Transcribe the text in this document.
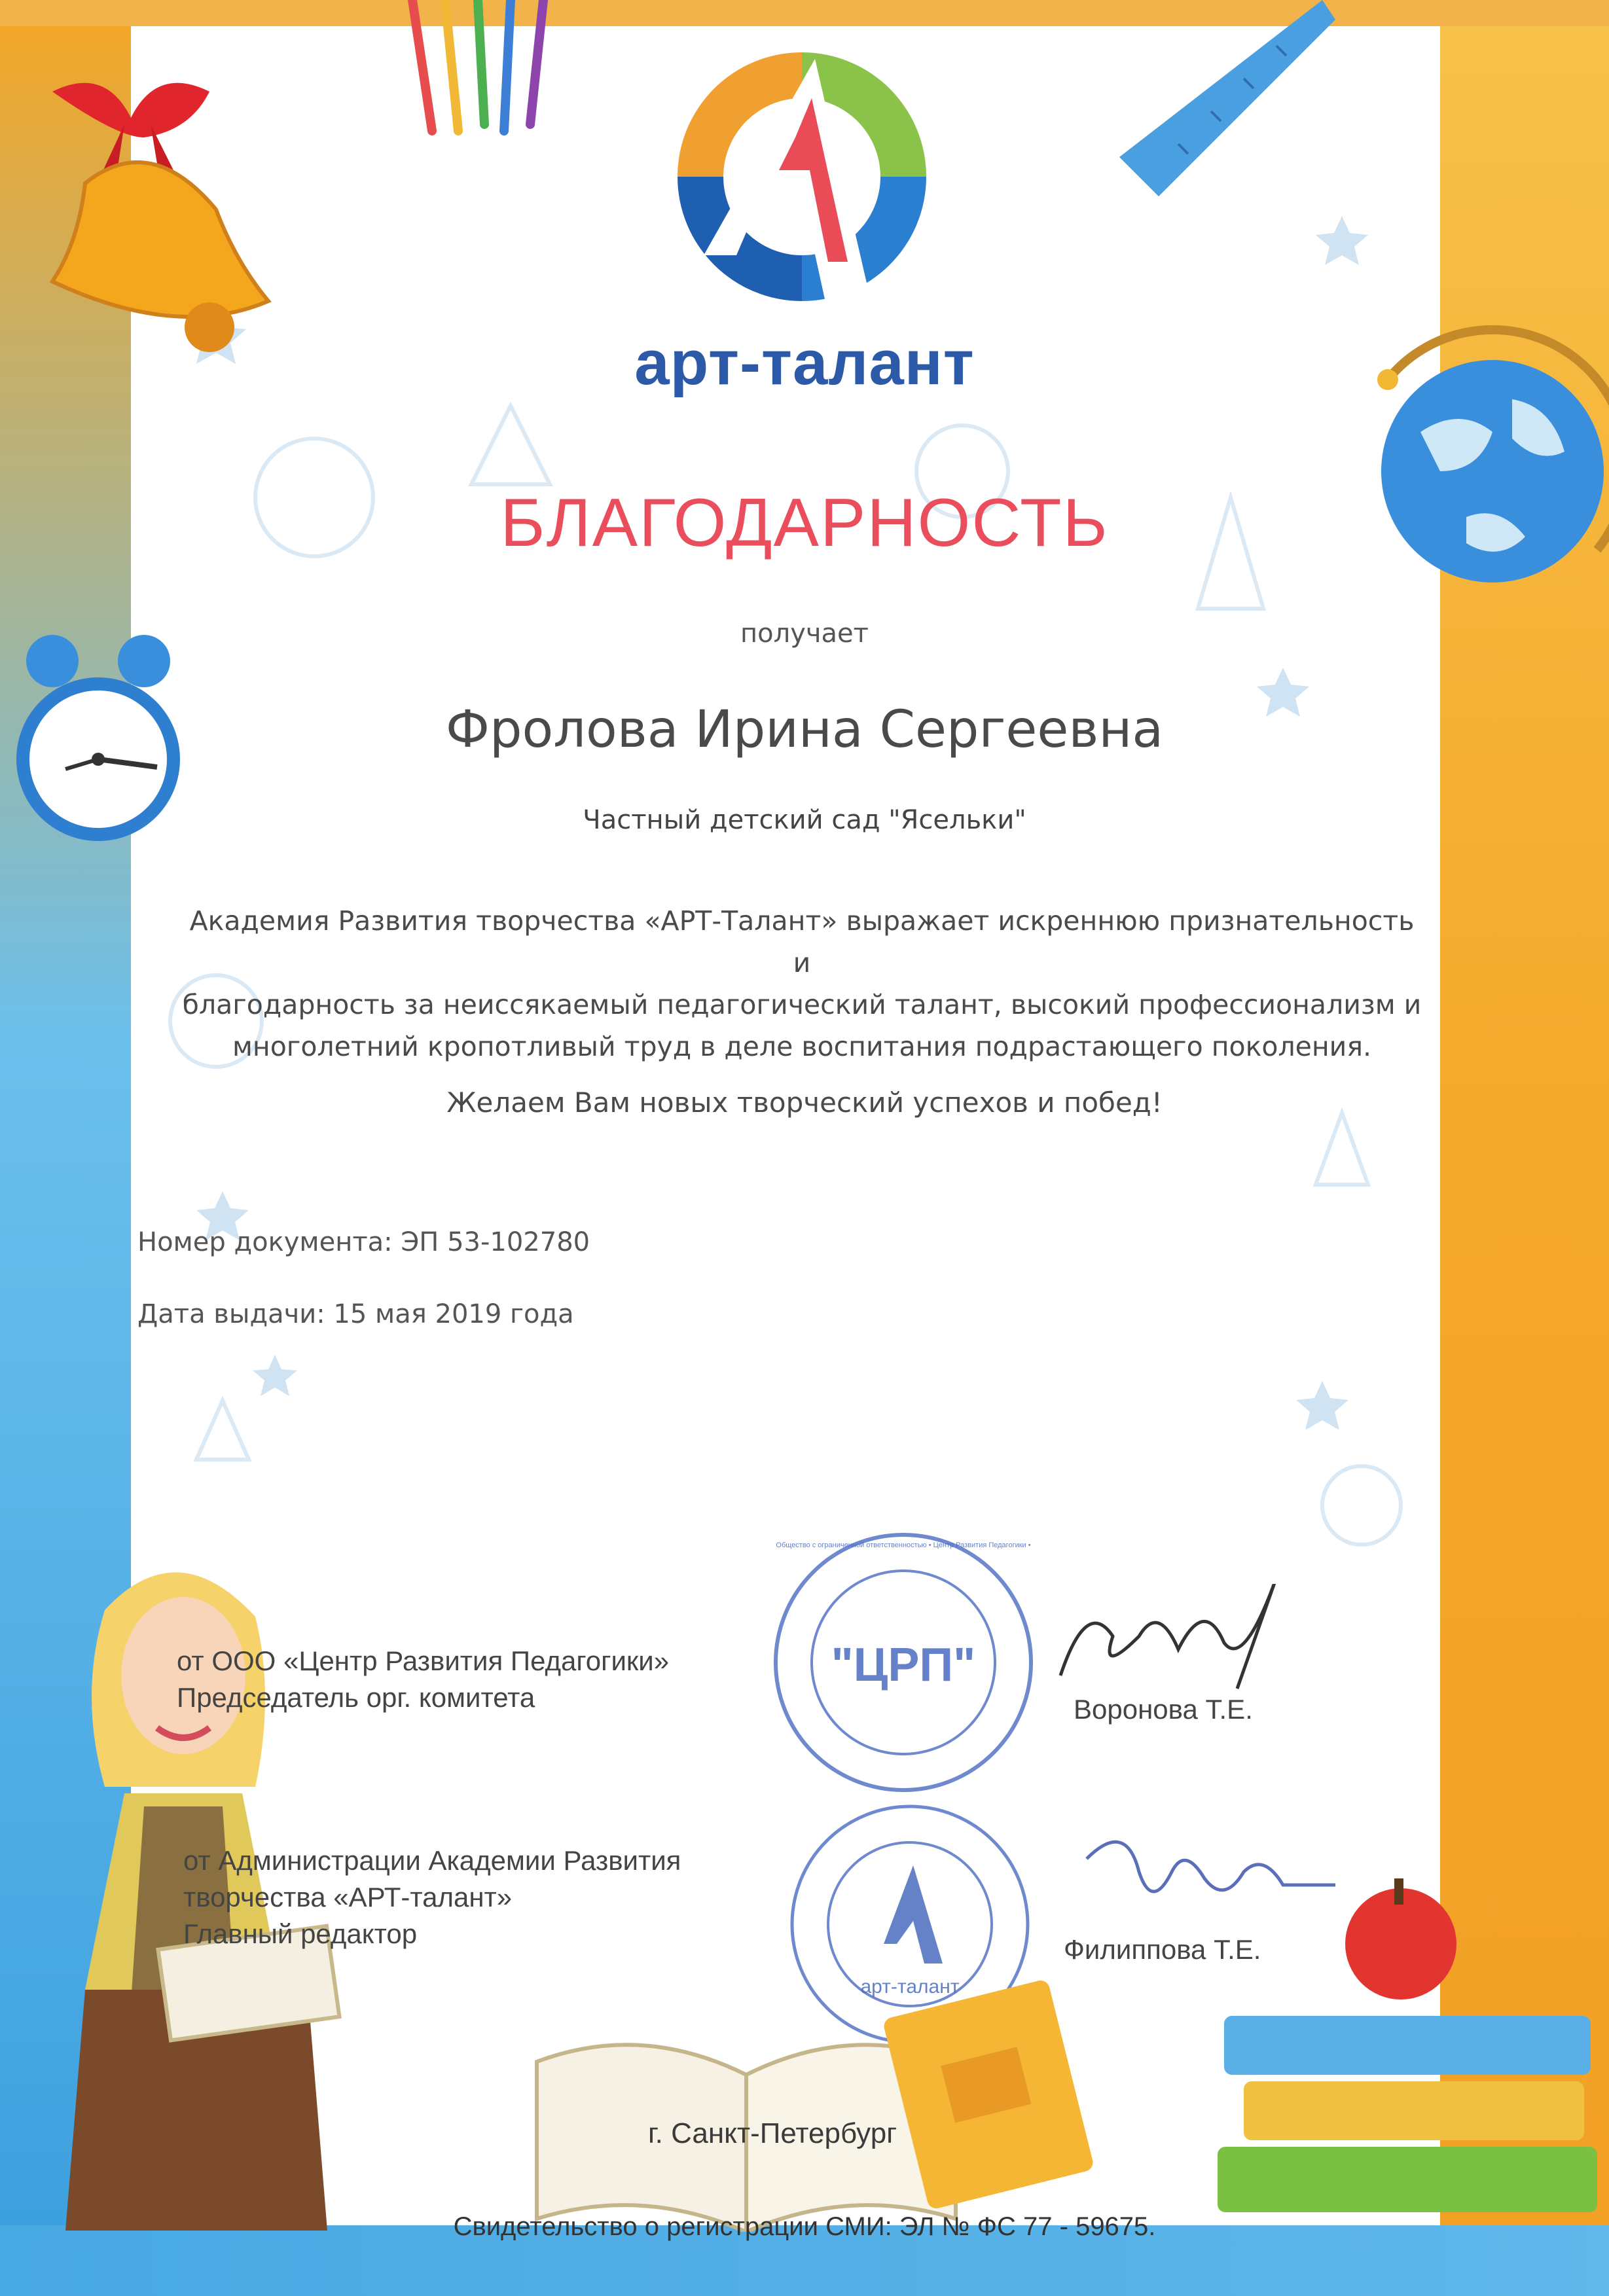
арт-талант
БЛАГОДАРНОСТЬ
получает
Фролова Ирина Сергеевна
Частный детский сад "Ясельки"
Академия Развития творчества «АРТ-Талант» выражает искреннюю признательность и
благодарность за неиссякаемый педагогический талант, высокий профессионализм и
многолетний кропотливый труд в деле воспитания подрастающего поколения.
Желаем Вам новых творческий успехов и побед!
Номер документа: ЭП 53-102780
Дата выдачи: 15 мая 2019 года
"ЦРП"
Общество с ограниченной ответственностью • Центр Развития Педагогики •
арт-талант
от ООО «Центр Развития Педагогики»
Председатель орг. комитета	Воронова Т.Е.
от Администрации Академии Развития
творчества «АРТ-талант»
Главный редактор
Филиппова Т.Е.
г. Санкт-Петербург
Свидетельство о регистрации СМИ: ЭЛ № ФС 77 - 59675.
